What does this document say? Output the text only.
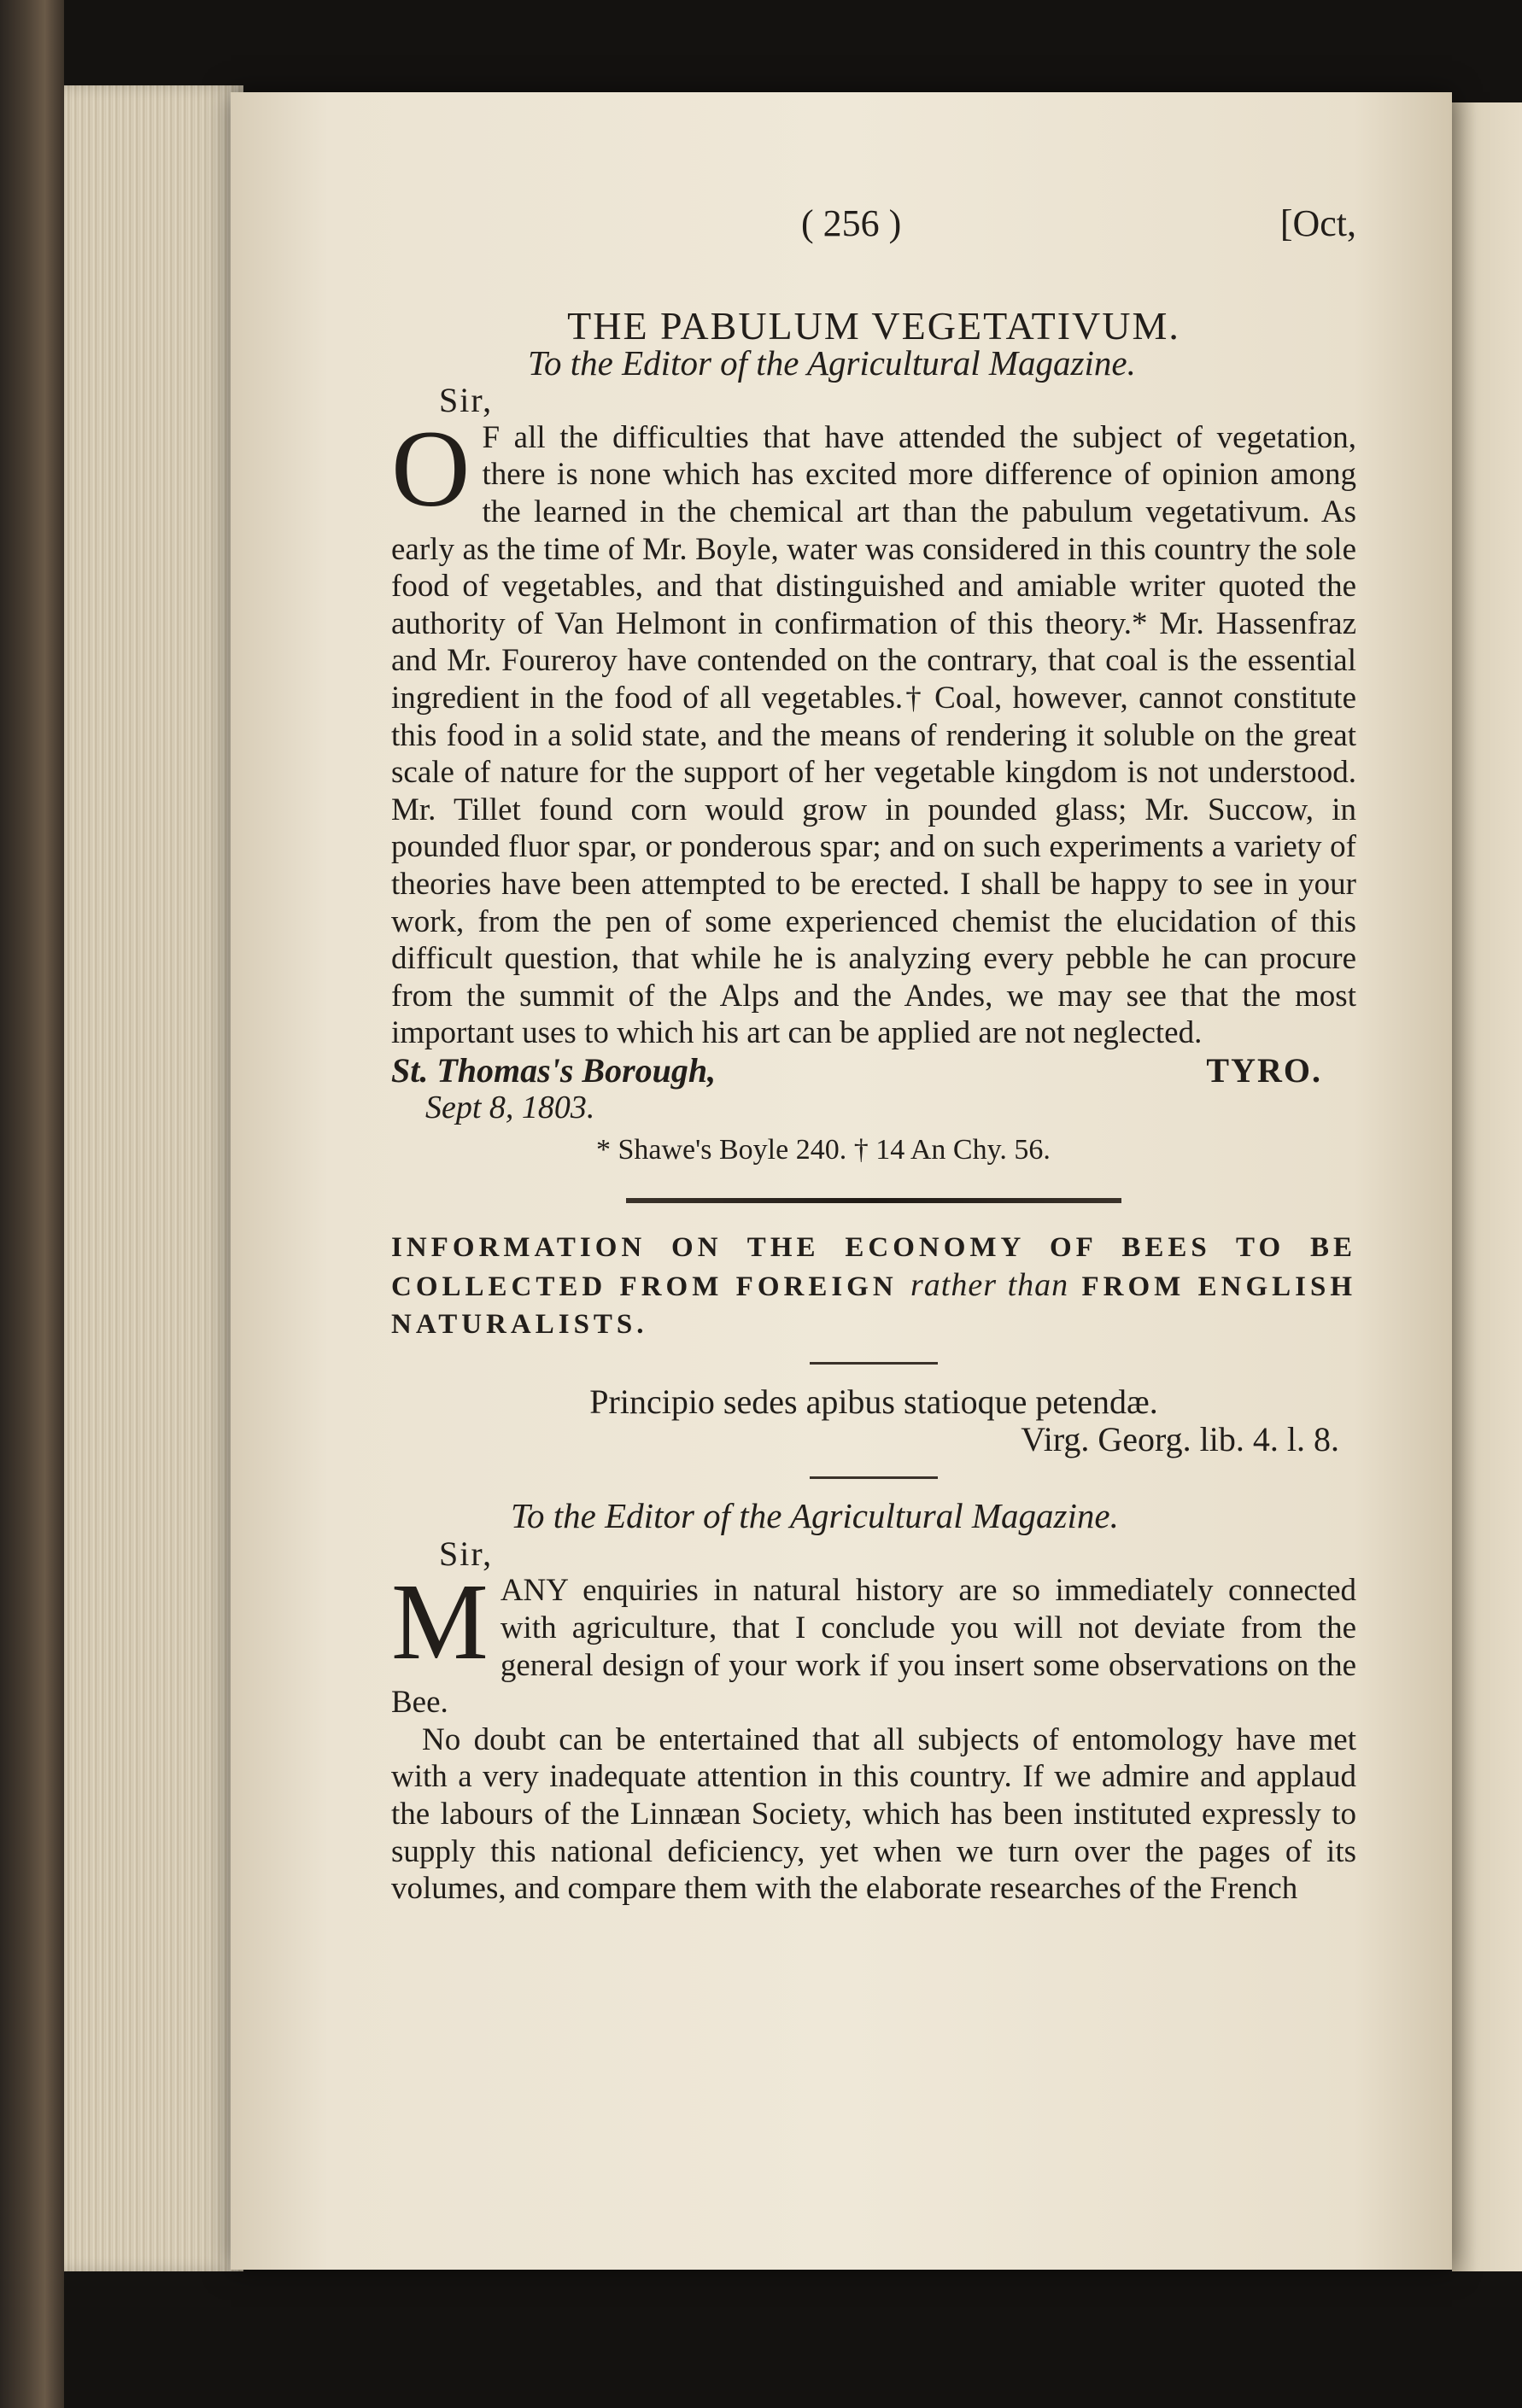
( 256 )	[Oct,
THE PABULUM VEGETATIVUM.
To the Editor of the Agricultural Magazine.
Sir,

O F all the difficulties that have attended the subject of vegetation, there is none which has excited more difference of opinion among the learned in the chemical art than the pabulum vegetativum. As early as the time of Mr. Boyle, water was considered in this country the sole food of vegetables, and that distinguished and amiable writer quoted the authority of Van Helmont in confirmation of this theory.* Mr. Hassenfraz and Mr. Foureroy have contended on the contrary, that coal is the essential ingredient in the food of all vegetables.† Coal, however, cannot constitute this food in a solid state, and the means of rendering it soluble on the great scale of nature for the support of her vegetable kingdom is not understood. Mr. Tillet found corn would grow in pounded glass; Mr. Succow, in pounded fluor spar, or ponderous spar; and on such experiments a variety of theories have been attempted to be erected. I shall be happy to see in your work, from the pen of some experienced chemist the elucidation of this difficult question, that while he is analyzing every pebble he can procure from the summit of the Alps and the Andes, we may see that the most important uses to which his art can be applied are not neglected.

St. Thomas's Borough,	TYRO.
Sept 8, 1803.
* Shawe's Boyle 240. † 14 An Chy. 56.
INFORMATION ON THE ECONOMY OF BEES TO BE COLLECTED FROM FOREIGN rather than FROM ENGLISH NATURALISTS.
Principio sedes apibus statioque petendæ.
Virg. Georg. lib. 4. l. 8.
To the Editor of the Agricultural Magazine.
Sir,

M ANY enquiries in natural history are so immediately connected with agriculture, that I conclude you will not deviate from the general design of your work if you insert some observations on the Bee.

No doubt can be entertained that all subjects of entomology have met with a very inadequate attention in this country. If we admire and applaud the labours of the Linnæan Society, which has been instituted expressly to supply this national deficiency, yet when we turn over the pages of its volumes, and compare them with the elaborate researches of the French
